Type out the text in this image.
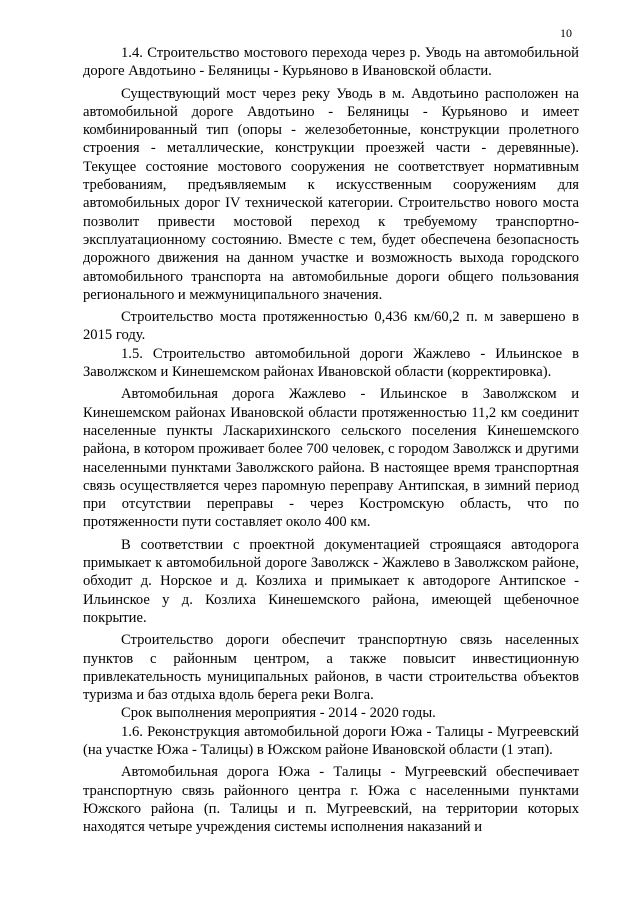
10

1.4. Строительство мостового перехода через р. Уводь на автомобильной дороге Авдотьино - Беляницы - Курьяново в Ивановской области.

Существующий мост через реку Уводь в м. Авдотьино расположен на автомобильной дороге Авдотьино - Беляницы - Курьяново и имеет комбинированный тип (опоры - железобетонные, конструкции пролетного строения - металлические, конструкции проезжей части - деревянные). Текущее состояние мостового сооружения не соответствует нормативным требованиям, предъявляемым к искусственным сооружениям для автомобильных дорог IV технической категории. Строительство нового моста позволит привести мостовой переход к требуемому транспортно-эксплуатационному состоянию. Вместе с тем, будет обеспечена безопасность дорожного движения на данном участке и возможность выхода городского автомобильного транспорта на автомобильные дороги общего пользования регионального и межмуниципального значения.

Строительство моста протяженностью 0,436 км/60,2 п. м завершено в 2015 году.

1.5. Строительство автомобильной дороги Жажлево - Ильинское в Заволжском и Кинешемском районах Ивановской области (корректировка).

Автомобильная дорога Жажлево - Ильинское в Заволжском и Кинешемском районах Ивановской области протяженностью 11,2 км соединит населенные пункты Ласкарихинского сельского поселения Кинешемского района, в котором проживает более 700 человек, с городом Заволжск и другими населенными пунктами Заволжского района. В настоящее время транспортная связь осуществляется через паромную переправу Антипская, в зимний период при отсутствии переправы - через Костромскую область, что по протяженности пути составляет около 400 км.

В соответствии с проектной документацией строящаяся автодорога примыкает к автомобильной дороге Заволжск - Жажлево в Заволжском районе, обходит д. Норское и д. Козлиха и примыкает к автодороге Антипское - Ильинское у д. Козлиха Кинешемского района, имеющей щебеночное покрытие.

Строительство дороги обеспечит транспортную связь населенных пунктов с районным центром, а также повысит инвестиционную привлекательность муниципальных районов, в части строительства объектов туризма и баз отдыха вдоль берега реки Волга.

Срок выполнения мероприятия - 2014 - 2020 годы.

1.6. Реконструкция автомобильной дороги Южа - Талицы - Мугреевский (на участке Южа - Талицы) в Южском районе Ивановской области (1 этап).

Автомобильная дорога Южа - Талицы - Мугреевский обеспечивает транспортную связь районного центра г. Южа с населенными пунктами Южского района (п. Талицы и п. Мугреевский, на территории которых находятся четыре учреждения системы исполнения наказаний и
